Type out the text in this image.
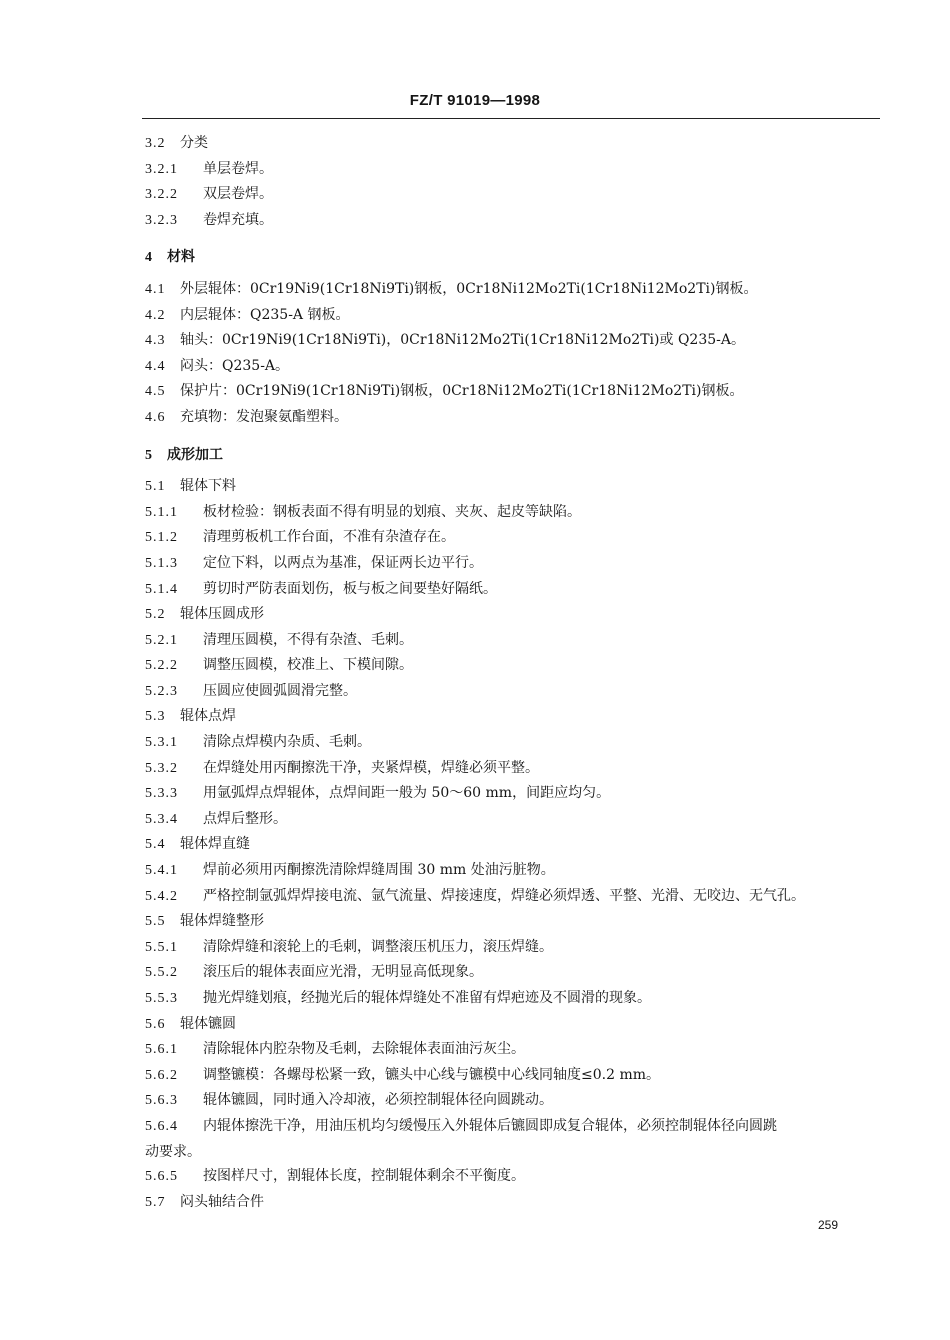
FZ/T 91019—1998
3.2 分类
3.2.1 单层卷焊。
3.2.2 双层卷焊。
3.2.3 卷焊充填。
4 材料
4.1 外层辊体：0Cr19Ni9(1Cr18Ni9Ti)钢板，0Cr18Ni12Mo2Ti(1Cr18Ni12Mo2Ti)钢板。
4.2 内层辊体：Q235-A 钢板。
4.3 轴头：0Cr19Ni9(1Cr18Ni9Ti)，0Cr18Ni12Mo2Ti(1Cr18Ni12Mo2Ti)或 Q235-A。
4.4 闷头：Q235-A。
4.5 保护片：0Cr19Ni9(1Cr18Ni9Ti)钢板，0Cr18Ni12Mo2Ti(1Cr18Ni12Mo2Ti)钢板。
4.6 充填物：发泡聚氨酯塑料。
5 成形加工
5.1 辊体下料
5.1.1 板材检验：钢板表面不得有明显的划痕、夹灰、起皮等缺陷。
5.1.2 清理剪板机工作台面，不准有杂渣存在。
5.1.3 定位下料，以两点为基准，保证两长边平行。
5.1.4 剪切时严防表面划伤，板与板之间要垫好隔纸。
5.2 辊体压圆成形
5.2.1 清理压圆模，不得有杂渣、毛刺。
5.2.2 调整压圆模，校准上、下模间隙。
5.2.3 压圆应使圆弧圆滑完整。
5.3 辊体点焊
5.3.1 清除点焊模内杂质、毛刺。
5.3.2 在焊缝处用丙酮擦洗干净，夹紧焊模，焊缝必须平整。
5.3.3 用氩弧焊点焊辊体，点焊间距一般为 50～60 mm，间距应均匀。
5.3.4 点焊后整形。
5.4 辊体焊直缝
5.4.1 焊前必须用丙酮擦洗清除焊缝周围 30 mm 处油污脏物。
5.4.2 严格控制氩弧焊焊接电流、氩气流量、焊接速度，焊缝必须焊透、平整、光滑、无咬边、无气孔。
5.5 辊体焊缝整形
5.5.1 清除焊缝和滚轮上的毛刺，调整滚压机压力，滚压焊缝。
5.5.2 滚压后的辊体表面应光滑，无明显高低现象。
5.5.3 抛光焊缝划痕，经抛光后的辊体焊缝处不准留有焊疤迹及不圆滑的现象。
5.6 辊体镳圆
5.6.1 清除辊体内腔杂物及毛刺，去除辊体表面油污灰尘。
5.6.2 调整镳模：各螺母松紧一致，镳头中心线与镳模中心线同轴度≤0.2 mm。
5.6.3 辊体镳圆，同时通入冷却液，必须控制辊体径向圆跳动。
5.6.4 内辊体擦洗干净，用油压机均匀缓慢压入外辊体后镳圆即成复合辊体，必须控制辊体径向圆跳
动要求。
5.6.5 按图样尺寸，割辊体长度，控制辊体剩余不平衡度。
5.7 闷头轴结合件
259
